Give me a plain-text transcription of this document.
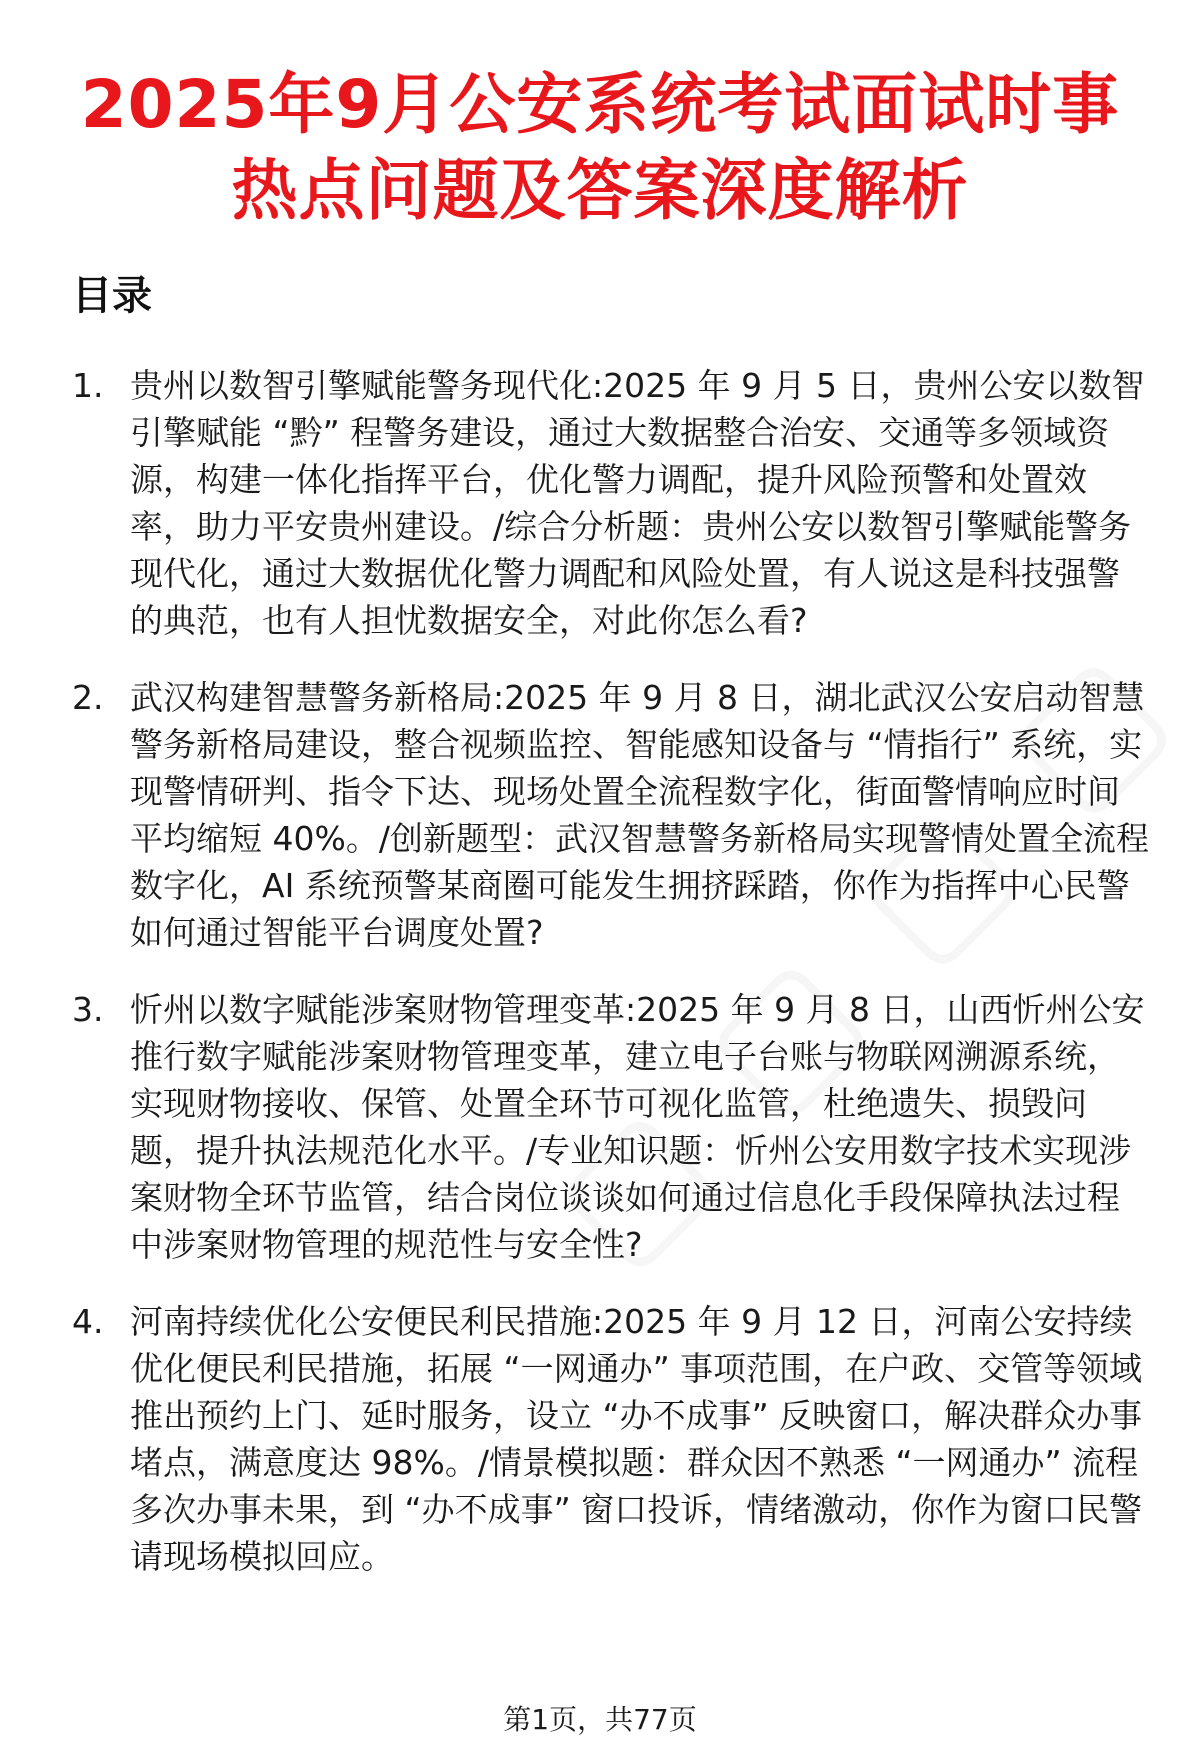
2025年9月公安系统考试面试时事热点问题及答案深度解析
目录
1. 贵州以数智引擎赋能警务现代化:2025 年 9 月 5 日，贵州公安以数智引擎赋能 “黔” 程警务建设，通过大数据整合治安、交通等多领域资源，构建一体化指挥平台，优化警力调配，提升风险预警和处置效率，助力平安贵州建设。/综合分析题：贵州公安以数智引擎赋能警务现代化，通过大数据优化警力调配和风险处置，有人说这是科技强警的典范，也有人担忧数据安全，对此你怎么看?
2. 武汉构建智慧警务新格局:2025 年 9 月 8 日，湖北武汉公安启动智慧警务新格局建设，整合视频监控、智能感知设备与 “情指行” 系统，实现警情研判、指令下达、现场处置全流程数字化，街面警情响应时间平均缩短 40%。/创新题型：武汉智慧警务新格局实现警情处置全流程数字化，AI 系统预警某商圈可能发生拥挤踩踏，你作为指挥中心民警如何通过智能平台调度处置?
3. 忻州以数字赋能涉案财物管理变革:2025 年 9 月 8 日，山西忻州公安推行数字赋能涉案财物管理变革，建立电子台账与物联网溯源系统，实现财物接收、保管、处置全环节可视化监管，杜绝遗失、损毁问题，提升执法规范化水平。/专业知识题：忻州公安用数字技术实现涉案财物全环节监管，结合岗位谈谈如何通过信息化手段保障执法过程中涉案财物管理的规范性与安全性?
4. 河南持续优化公安便民利民措施:2025 年 9 月 12 日，河南公安持续优化便民利民措施，拓展 “一网通办” 事项范围，在户政、交管等领域推出预约上门、延时服务，设立 “办不成事” 反映窗口，解决群众办事堵点，满意度达 98%。/情景模拟题：群众因不熟悉 “一网通办” 流程多次办事未果，到 “办不成事” 窗口投诉，情绪激动，你作为窗口民警请现场模拟回应。
第1页，共77页
